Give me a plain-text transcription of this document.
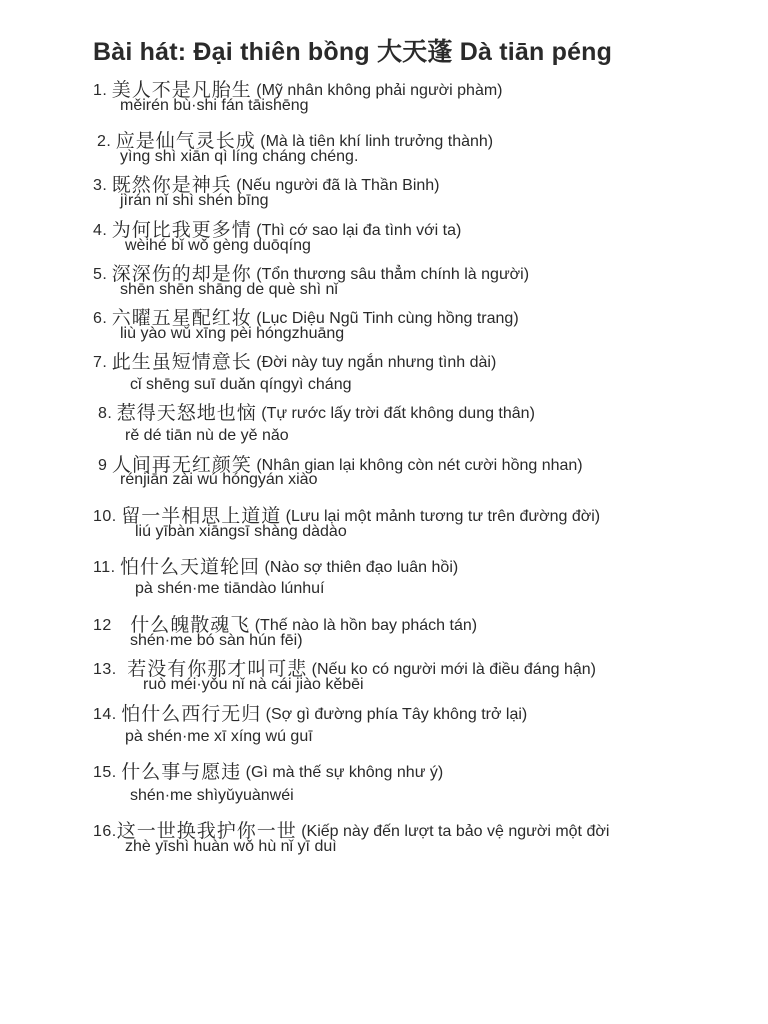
Bài hát: Đại thiên bồng 大天蓬 Dà tiān péng
1. 美人不是凡胎生 (Mỹ nhân không phải người phàm)
měirén bù·shi fán tāishēng
2. 应是仙气灵长成 (Mà là tiên khí linh trưởng thành)
yìng shì xiān qì líng cháng chéng.
3. 既然你是神兵 (Nếu người đã là Thần Binh)
jìrán nǐ shì shén bīng
4. 为何比我更多情 (Thì cớ sao lại đa tình với ta)
wèihé bǐ wǒ gèng duōqíng
5. 深深伤的却是你 (Tổn thương sâu thẳm chính là người)
shēn shēn shāng de què shì nǐ
6. 六曜五星配红妆 (Lục Diệu Ngũ Tinh cùng hồng trang)
liù yào wǔ xīng pèi hóngzhuāng
7. 此生虽短情意长 (Đời này tuy ngắn nhưng tình dài)
cǐ shēng suī duǎn qíngyì cháng
8. 惹得天怒地也恼 (Tự rước lấy trời đất không dung thân)
rě dé tiān nù de yě nǎo
9 人间再无红颜笑 (Nhân gian lại không còn nét cười hồng nhan)
rénjiān zài wú hóngyán xiào
10. 留一半相思上道道 (Lưu lại một mảnh tương tư trên đường đời)
liú yībàn xiāngsī shàng dàdào
11. 怕什么天道轮回 (Nào sợ thiên đạo luân hồi)
pà shén·me tiāndào lúnhuí
12 什么魄散魂飞 (Thế nào là hồn bay phách tán)
shén·me bó sàn hún fēi)
13. 若没有你那才叫可悲 (Nếu ko có người mới là điều đáng hận)
ruò méi·yǒu nǐ nà cái jiào kěbēi
14. 怕什么西行无归 (Sợ gì đường phía Tây không trở lại)
pà shén·me xī xíng wú guī
15. 什么事与愿违 (Gì mà thế sự không như ý)
shén·me shìyǔyuànwéi
16.这一世换我护你一世 (Kiếp này đến lượt ta bảo vệ người một đời
zhè yīshì huàn wǒ hù nǐ yī duì
